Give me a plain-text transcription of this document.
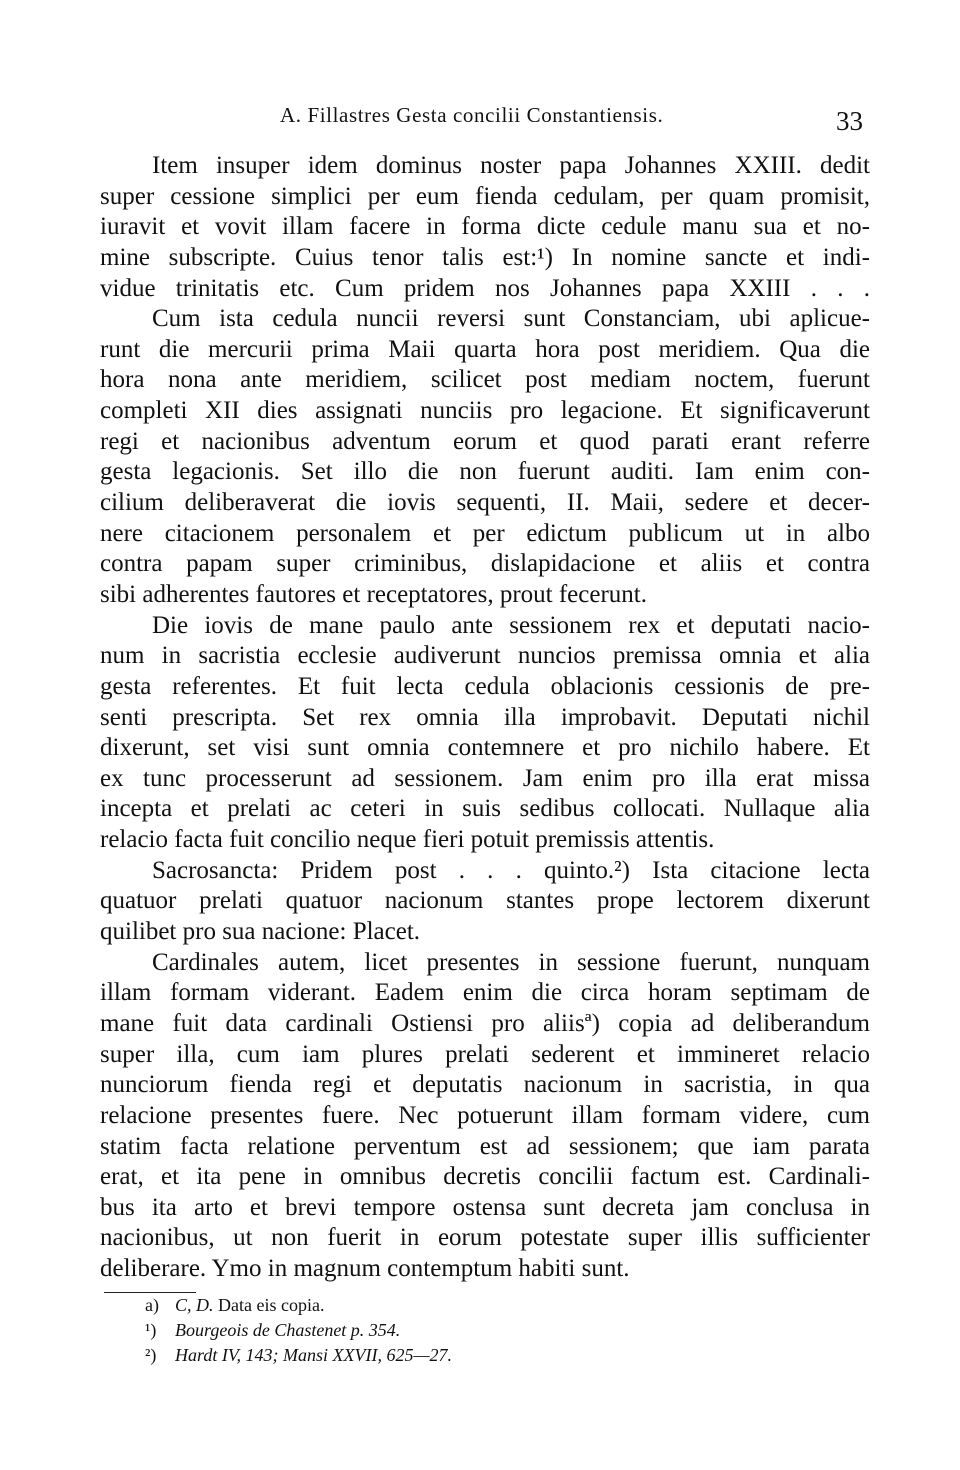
A. Fillastres Gesta concilii Constantiensis.	33
Item insuper idem dominus noster papa Johannes XXIII. dedit
super cessione simplici per eum fienda cedulam, per quam promisit,
iuravit et vovit illam facere in forma dicte cedule manu sua et no-
mine subscripte. Cuius tenor talis est:¹) In nomine sancte et indi-
vidue trinitatis etc. Cum pridem nos Johannes papa XXIII . . .
Cum ista cedula nuncii reversi sunt Constanciam, ubi aplicue-
runt die mercurii prima Maii quarta hora post meridiem. Qua die
hora nona ante meridiem, scilicet post mediam noctem, fuerunt
completi XII dies assignati nunciis pro legacione. Et significaverunt
regi et nacionibus adventum eorum et quod parati erant referre
gesta legacionis. Set illo die non fuerunt auditi. Iam enim con-
cilium deliberaverat die iovis sequenti, II. Maii, sedere et decer-
nere citacionem personalem et per edictum publicum ut in albo
contra papam super criminibus, dislapidacione et aliis et contra
sibi adherentes fautores et receptatores, prout fecerunt.
Die iovis de mane paulo ante sessionem rex et deputati nacio-
num in sacristia ecclesie audiverunt nuncios premissa omnia et alia
gesta referentes. Et fuit lecta cedula oblacionis cessionis de pre-
senti prescripta. Set rex omnia illa improbavit. Deputati nichil
dixerunt, set visi sunt omnia contemnere et pro nichilo habere. Et
ex tunc processerunt ad sessionem. Jam enim pro illa erat missa
incepta et prelati ac ceteri in suis sedibus collocati. Nullaque alia
relacio facta fuit concilio neque fieri potuit premissis attentis.
Sacrosancta: Pridem post . . . quinto.²) Ista citacione lecta
quatuor prelati quatuor nacionum stantes prope lectorem dixerunt
quilibet pro sua nacione: Placet.
Cardinales autem, licet presentes in sessione fuerunt, nunquam
illam formam viderant. Eadem enim die circa horam septimam de
mane fuit data cardinali Ostiensi pro aliisª) copia ad deliberandum
super illa, cum iam plures prelati sederent et immineret relacio
nunciorum fienda regi et deputatis nacionum in sacristia, in qua
relacione presentes fuere. Nec potuerunt illam formam videre, cum
statim facta relatione perventum est ad sessionem; que iam parata
erat, et ita pene in omnibus decretis concilii factum est. Cardinali-
bus ita arto et brevi tempore ostensa sunt decreta jam conclusa in
nacionibus, ut non fuerit in eorum potestate super illis sufficienter
deliberare. Ymo in magnum contemptum habiti sunt.
a) C, D. Data eis copia.
¹) Bourgeois de Chastenet p. 354.
²) Hardt IV, 143; Mansi XXVII, 625—27.
